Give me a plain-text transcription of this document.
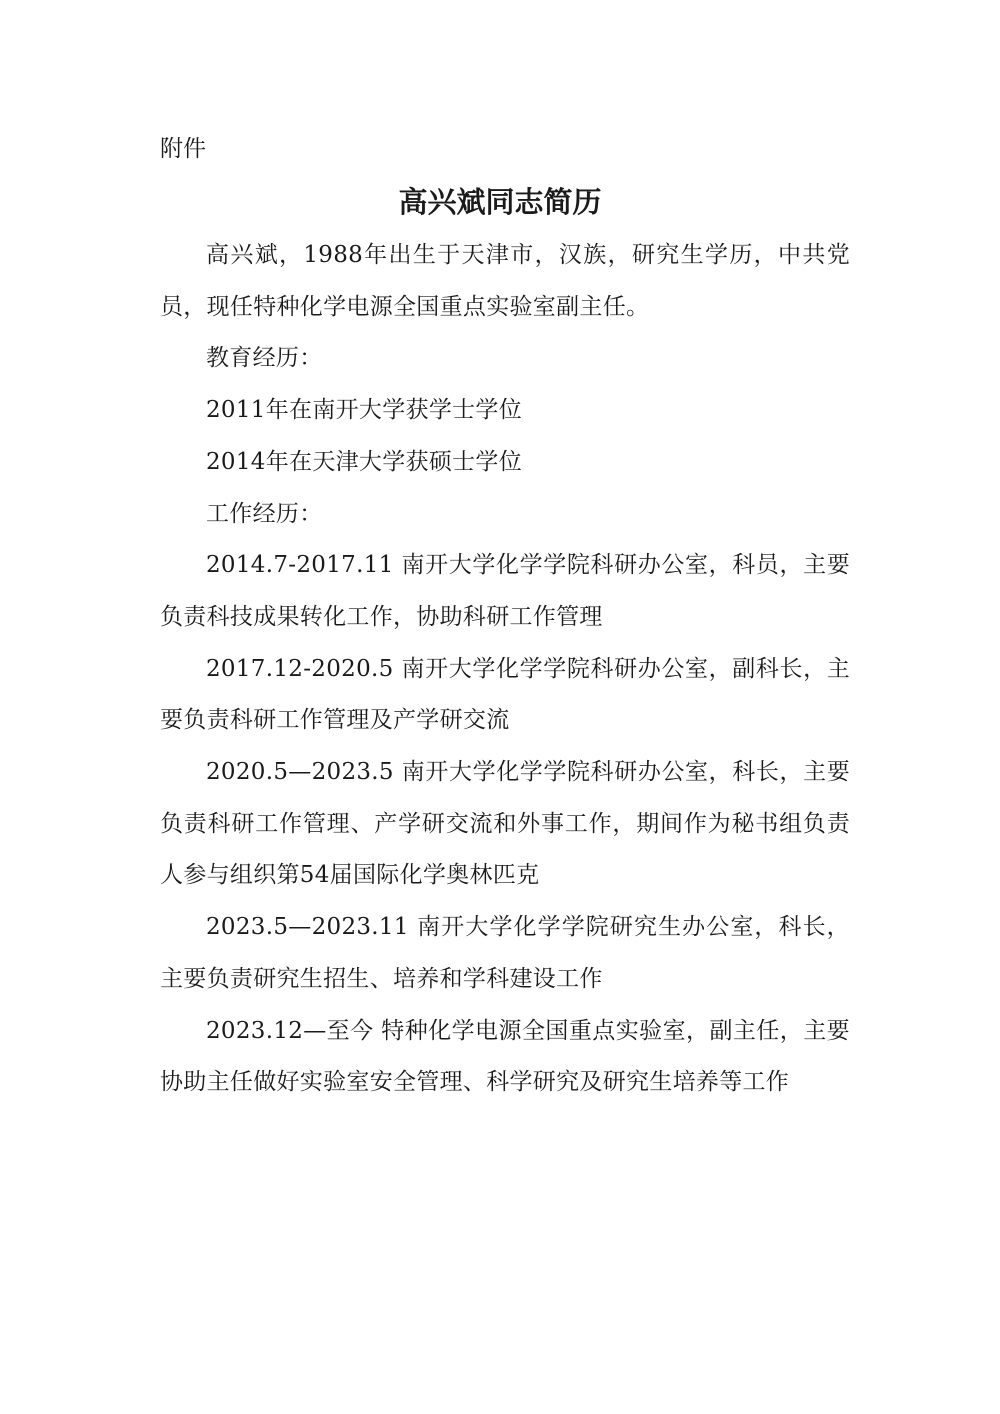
附件

高兴斌同志简历

高兴斌，1988年出生于天津市，汉族，研究生学历，中共党员，现任特种化学电源全国重点实验室副主任。

教育经历：

2011年在南开大学获学士学位

2014年在天津大学获硕士学位

工作经历：

2014.7-2017.11 南开大学化学学院科研办公室，科员，主要负责科技成果转化工作，协助科研工作管理

2017.12-2020.5 南开大学化学学院科研办公室，副科长，主要负责科研工作管理及产学研交流

2020.5—2023.5 南开大学化学学院科研办公室，科长，主要负责科研工作管理、产学研交流和外事工作，期间作为秘书组负责人参与组织第54届国际化学奥林匹克

2023.5—2023.11 南开大学化学学院研究生办公室，科长，主要负责研究生招生、培养和学科建设工作

2023.12—至今 特种化学电源全国重点实验室，副主任，主要协助主任做好实验室安全管理、科学研究及研究生培养等工作
